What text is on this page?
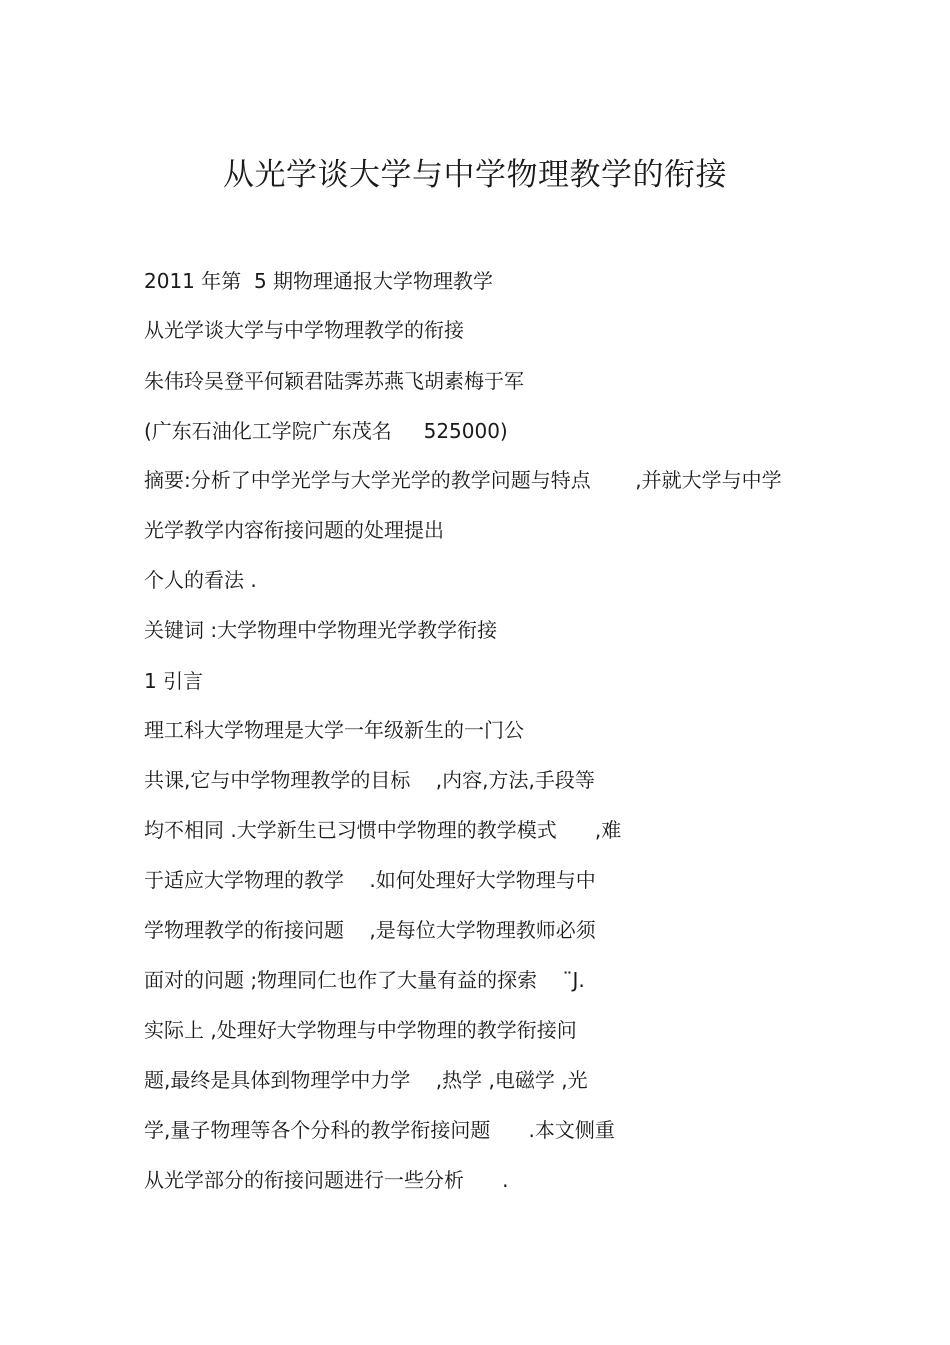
从光学谈大学与中学物理教学的衔接
2011 年第  5 期物理通报大学物理教学
从光学谈大学与中学物理教学的衔接
朱伟玲吴登平何颖君陆霁苏燕飞胡素梅于军
(广东石油化工学院广东茂名     525000)
摘要:分析了中学光学与大学光学的教学问题与特点       ,并就大学与中学
光学教学内容衔接问题的处理提出
个人的看法 .
关键词 :大学物理中学物理光学教学衔接
1 引言
理工科大学物理是大学一年级新生的一门公
共课,它与中学物理教学的目标    ,内容,方法,手段等
均不相同 .大学新生已习惯中学物理的教学模式      ,难
于适应大学物理的教学    .如何处理好大学物理与中
学物理教学的衔接问题    ,是每位大学物理教师必须
面对的问题 ;物理同仁也作了大量有益的探索    ¨J.
实际上 ,处理好大学物理与中学物理的教学衔接问
题,最终是具体到物理学中力学    ,热学 ,电磁学 ,光
学,量子物理等各个分科的教学衔接问题      .本文侧重
从光学部分的衔接问题进行一些分析      .
